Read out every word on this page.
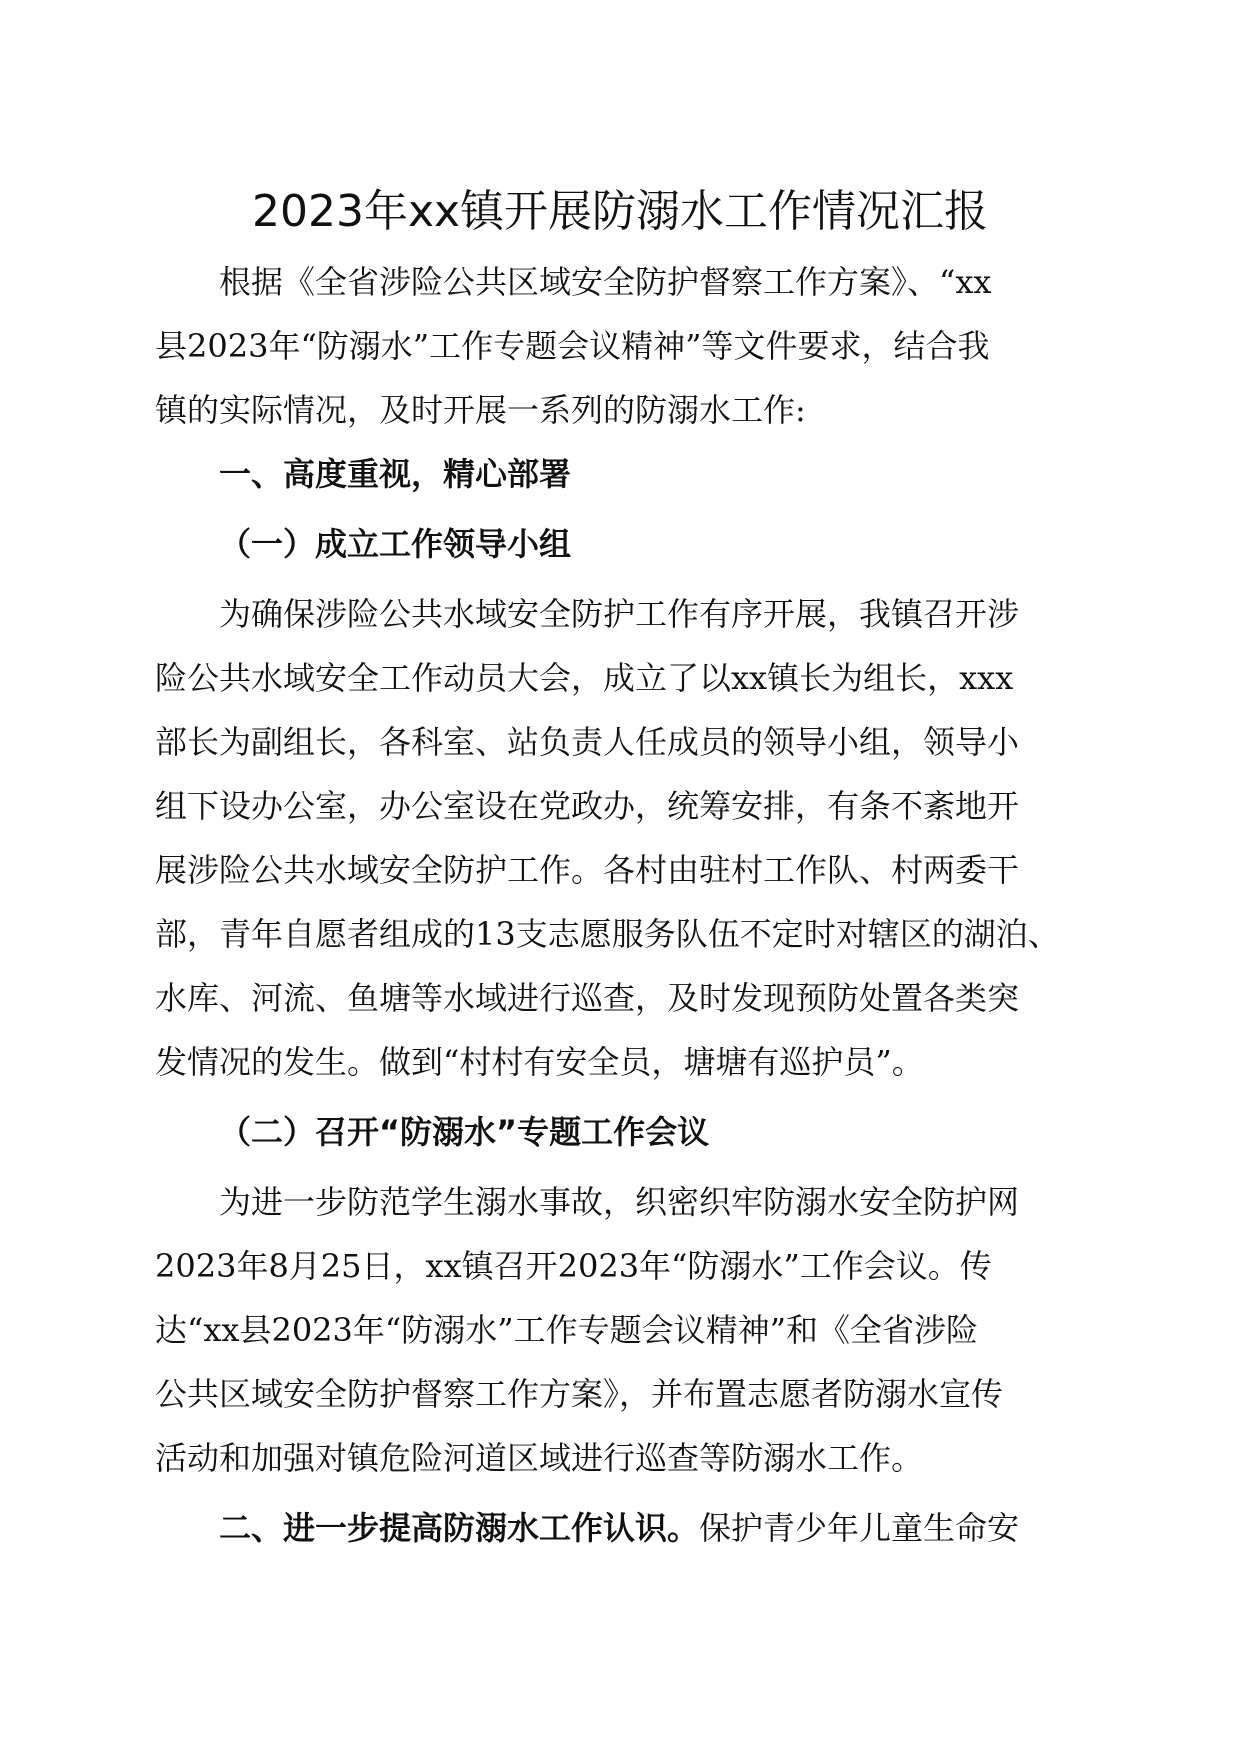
2023年xx镇开展防溺水工作情况汇报
根据《全省涉险公共区域安全防护督察工作方案》、“xx
县2023年“防溺水”工作专题会议精神”等文件要求，结合我
镇的实际情况，及时开展一系列的防溺水工作:
一、高度重视，精心部署
（一）成立工作领导小组
为确保涉险公共水域安全防护工作有序开展，我镇召开涉
险公共水域安全工作动员大会，成立了以xx镇长为组长，xxx
部长为副组长，各科室、站负责人任成员的领导小组，领导小
组下设办公室，办公室设在党政办，统筹安排，有条不紊地开
展涉险公共水域安全防护工作。各村由驻村工作队、村两委干
部，青年自愿者组成的13支志愿服务队伍不定时对辖区的湖泊、
水库、河流、鱼塘等水域进行巡查，及时发现预防处置各类突
发情况的发生。做到“村村有安全员，塘塘有巡护员”。
（二）召开“防溺水”专题工作会议
为进一步防范学生溺水事故，织密织牢防溺水安全防护网
2023年8月25日，xx镇召开2023年“防溺水”工作会议。传
达“xx县2023年“防溺水”工作专题会议精神”和《全省涉险
公共区域安全防护督察工作方案》，并布置志愿者防溺水宣传
活动和加强对镇危险河道区域进行巡查等防溺水工作。
二、进一步提高防溺水工作认识。保护青少年儿童生命安
